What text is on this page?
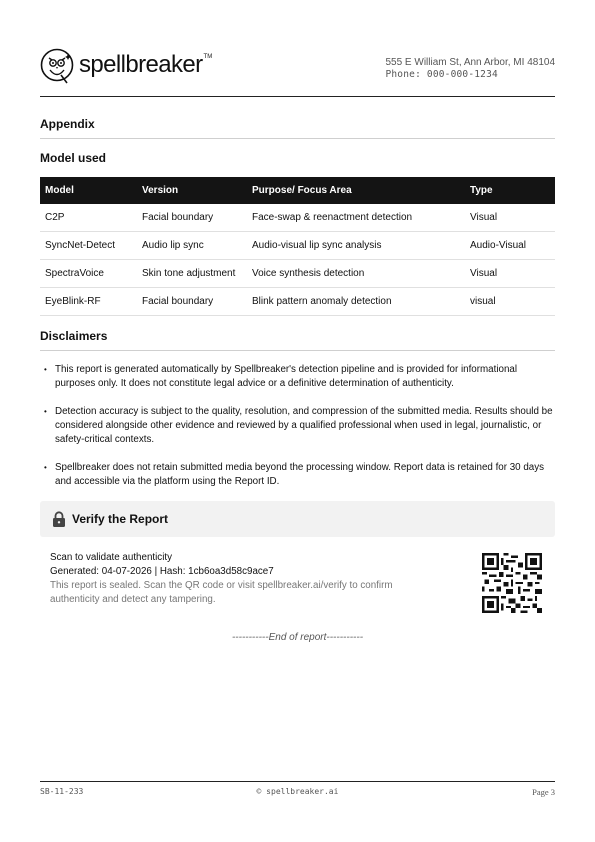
spellbreaker TM	555 E William St, Ann Arbor, MI 48104
Phone: 000-000-1234
Appendix
Model used
Model	Version	Purpose/ Focus Area	Type
C2P	Facial boundary	Face-swap & reenactment detection	Visual
SyncNet-Detect	Audio lip sync	Audio-visual lip sync analysis	Audio-Visual
SpectraVoice	Skin tone adjustment	Voice synthesis detection	Visual
EyeBlink-RF	Facial boundary	Blink pattern anomaly detection	visual
Disclaimers
• This report is generated automatically by Spellbreaker's detection pipeline and is provided for informational purposes only. It does not constitute legal advice or a definitive determination of authenticity.
• Detection accuracy is subject to the quality, resolution, and compression of the submitted media. Results should be considered alongside other evidence and reviewed by a qualified professional when used in legal, journalistic, or safety-critical contexts.
• Spellbreaker does not retain submitted media beyond the processing window. Report data is retained for 30 days and accessible via the platform using the Report ID.
Verify the Report
Scan to validate authenticity
Generated: 04-07-2026 | Hash: 1cb6oa3d58c9ace7
This report is sealed. Scan the QR code or visit spellbreaker.ai/verify to confirm
authenticity and detect any tampering.
-----------End of report-----------
SB-11-233	© spellbreaker.ai	Page 3
